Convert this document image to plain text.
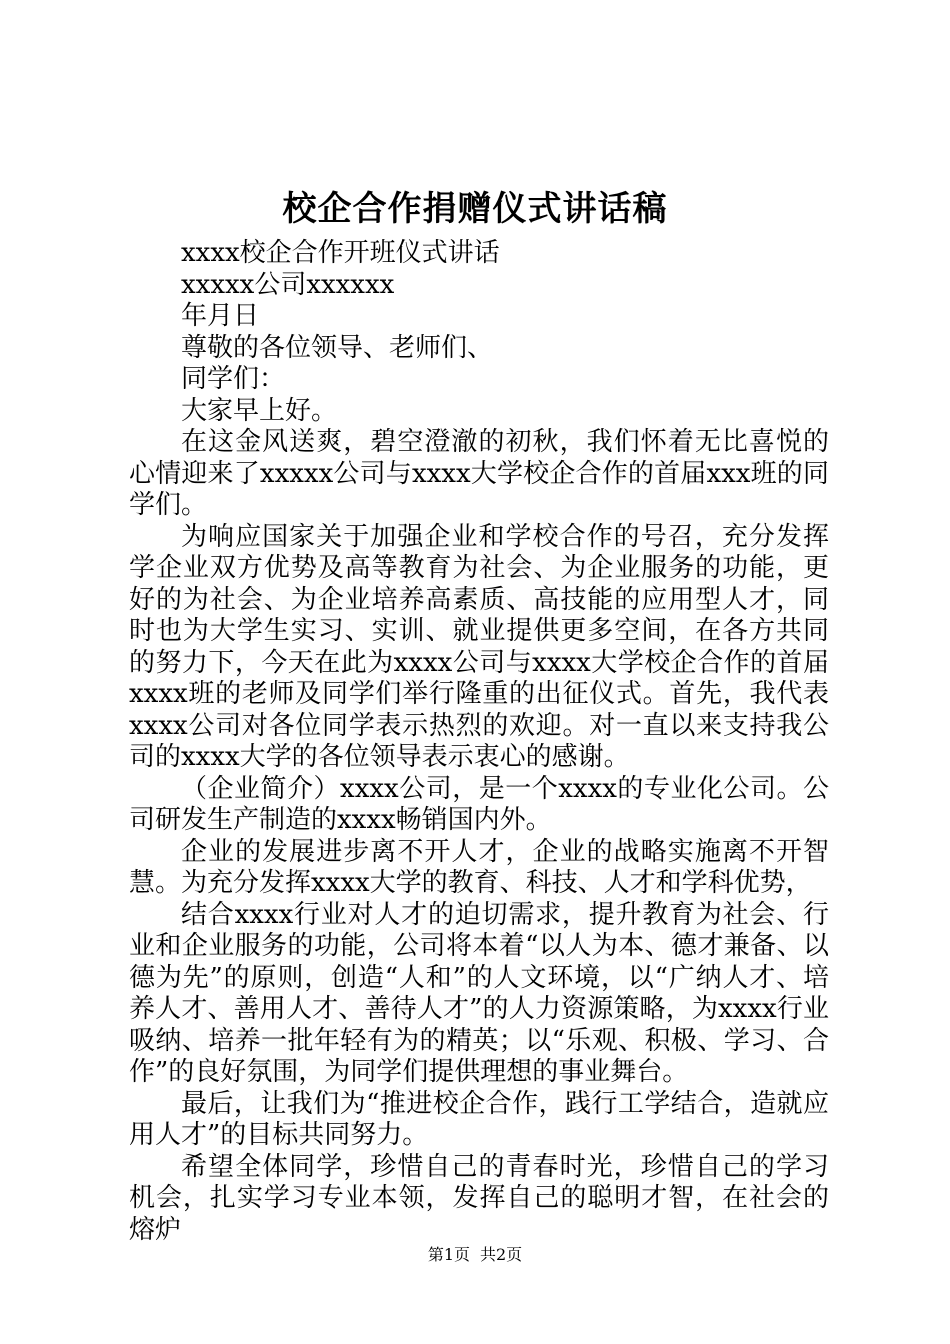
校企合作捐赠仪式讲话稿

xxxx校企合作开班仪式讲话

xxxxx公司xxxxxx

年月日

尊敬的各位领导、老师们、

同学们：

大家早上好。

在这金风送爽，碧空澄澈的初秋，我们怀着无比喜悦的心情迎来了xxxxx公司与xxxx大学校企合作的首届xxx班的同学们。

为响应国家关于加强企业和学校合作的号召，充分发挥学企业双方优势及高等教育为社会、为企业服务的功能，更好的为社会、为企业培养高素质、高技能的应用型人才，同时也为大学生实习、实训、就业提供更多空间，在各方共同的努力下，今天在此为xxxx公司与xxxx大学校企合作的首届xxxx班的老师及同学们举行隆重的出征仪式。首先，我代表xxxx公司对各位同学表示热烈的欢迎。对一直以来支持我公司的xxxx大学的各位领导表示衷心的感谢。

（企业简介）xxxx公司，是一个xxxx的专业化公司。公司研发生产制造的xxxx畅销国内外。

企业的发展进步离不开人才，企业的战略实施离不开智慧。为充分发挥xxxx大学的教育、科技、人才和学科优势，

结合xxxx行业对人才的迫切需求，提升教育为社会、行业和企业服务的功能，公司将本着“以人为本、德才兼备、以德为先”的原则，创造“人和”的人文环境，以“广纳人才、培养人才、善用人才、善待人才”的人力资源策略，为xxxx行业吸纳、培养一批年轻有为的精英；以“乐观、积极、学习、合作”的良好氛围，为同学们提供理想的事业舞台。

最后，让我们为“推进校企合作，践行工学结合，造就应用人才”的目标共同努力。

希望全体同学，珍惜自己的青春时光，珍惜自己的学习机会，扎实学习专业本领，发挥自己的聪明才智，在社会的熔炉

第1页 共2页
